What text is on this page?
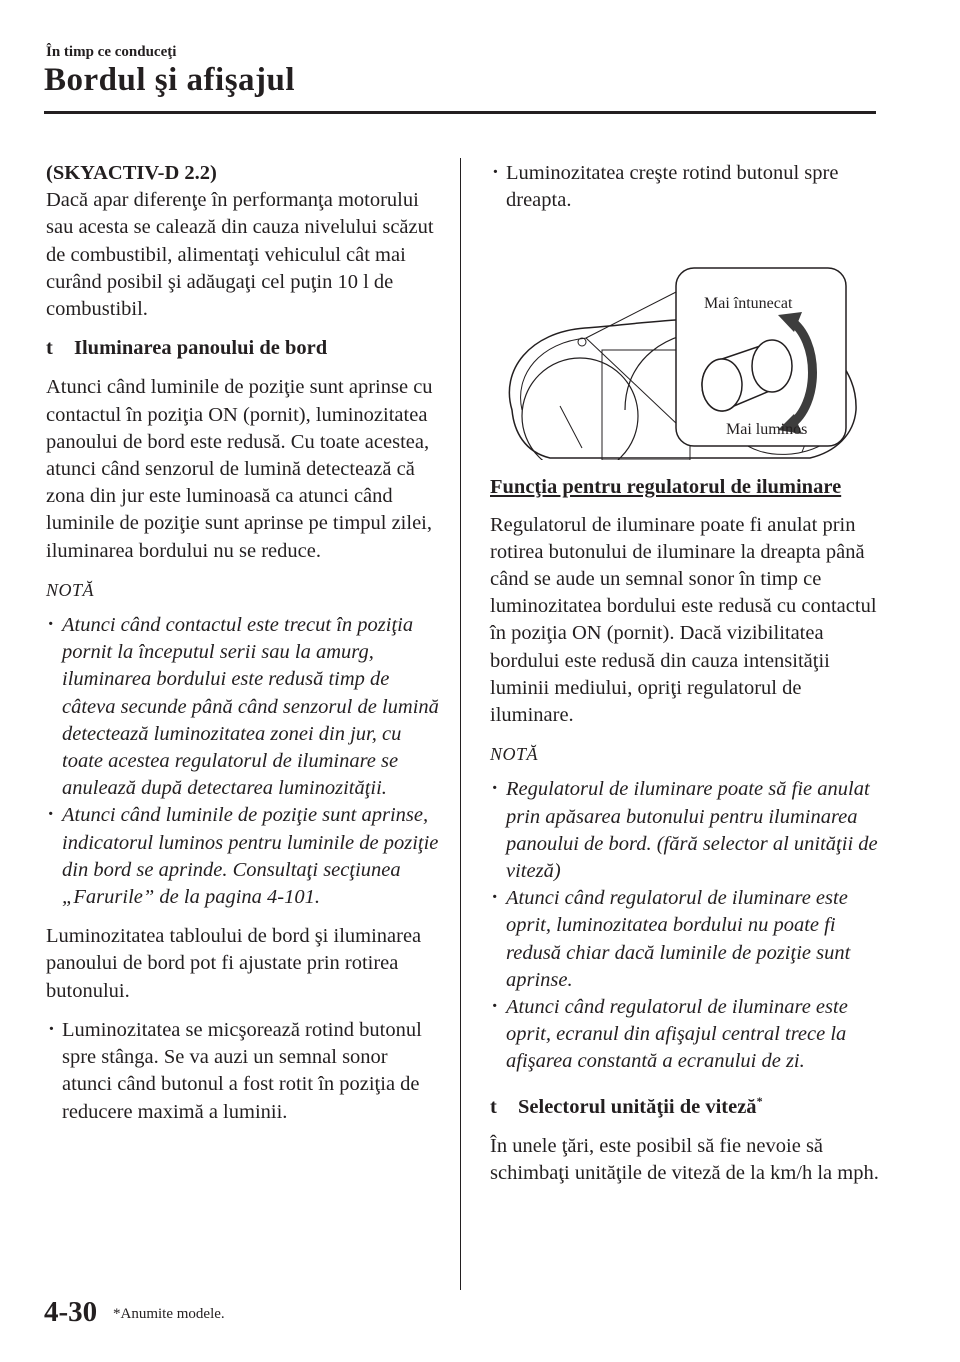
În timp ce conduceţi
Bordul şi afişajul

(SKYACTIV-D 2.2)

Dacă apar diferenţe în performanţa motorului sau acesta se calează din cauza nivelului scăzut de combustibil, alimentaţi vehiculul cât mai curând posibil şi adăugaţi cel puţin 10 l de combustibil.

t	Iluminarea panoului de bord

Atunci când luminile de poziţie sunt aprinse cu contactul în poziţia ON (pornit), luminozitatea panoului de bord este redusă. Cu toate acestea, atunci când senzorul de lumină detectează că zona din jur este luminoasă ca atunci când luminile de poziţie sunt aprinse pe timpul zilei, iluminarea bordului nu se reduce.

NOTĂ

· Atunci când contactul este trecut în poziţia pornit la începutul serii sau la amurg, iluminarea bordului este redusă timp de câteva secunde până când senzorul de lumină detectează luminozitatea zonei din jur, cu toate acestea regulatorul de iluminare se anulează după detectarea luminozităţii.
· Atunci când luminile de poziţie sunt aprinse, indicatorul luminos pentru luminile de poziţie din bord se aprinde. Consultaţi secţiunea „Farurile” de la pagina 4-101.

Luminozitatea tabloului de bord şi iluminarea panoului de bord pot fi ajustate prin rotirea butonului.

· Luminozitatea se micşorează rotind butonul spre stânga. Se va auzi un semnal sonor atunci când butonul a fost rotit în poziţia de reducere maximă a luminii.
· Luminozitatea creşte rotind butonul spre dreapta.
Mai întunecat
Mai luminos

Funcţia pentru regulatorul de iluminare

Regulatorul de iluminare poate fi anulat prin rotirea butonului de iluminare la dreapta până când se aude un semnal sonor în timp ce luminozitatea bordului este redusă cu contactul în poziţia ON (pornit). Dacă vizibilitatea bordului este redusă din cauza intensităţii luminii mediului, opriţi regulatorul de iluminare.

NOTĂ

· Regulatorul de iluminare poate să fie anulat prin apăsarea butonului pentru iluminarea panoului de bord. (fără selector al unităţii de viteză)
· Atunci când regulatorul de iluminare este oprit, luminozitatea bordului nu poate fi redusă chiar dacă luminile de poziţie sunt aprinse.
· Atunci când regulatorul de iluminare este oprit, ecranul din afişajul central trece la afişarea constantă a ecranului de zi.

t	Selectorul unităţii de viteză*

În unele ţări, este posibil să fie nevoie să schimbaţi unităţile de viteză de la km/h la mph.

4-30 *Anumite modele.
